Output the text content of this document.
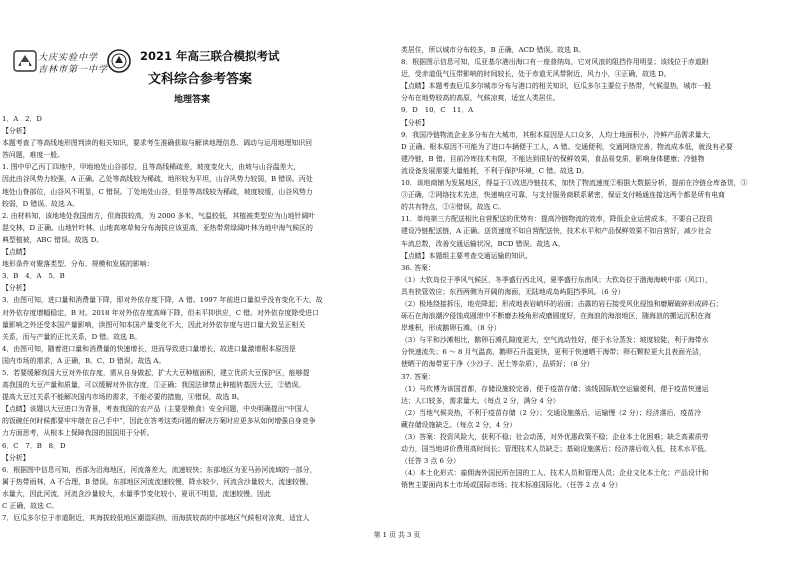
大庆实验中学
吉林市第一中学
2021 年高三联合模拟考试
文科综合参考答案
地理答案
1．A　2．D
【分析】
本题考查了等高线地形图判读的相关知识，要求考生准确获取与解读地理信息、调动与运用地理知识回
答问题，难度一般。
1. 图中甲乙丙丁四地中，甲地地处山谷部位，且等高线稀疏差，坡度变化大，由坡与山谷温差大，
因此由谷风势力较强，A 正确。乙处等高线较为稀疏，地形较为平坦，山谷风势力较弱，B 错误。丙处
地处山脊部位，山谷风不明显，C 错误。丁处地处山谷，但是等高线较为稀疏，坡度较缓，山谷风势力
较弱，D 错误。故选 A。
2. 由材料知，该地地处我国南方，但海拔较高，为 2000 多米，气温较低，其植被类型应为山地针阔叶
混交林，D 正确。山地针叶林、山地高寒草甸分布海拔应该更高，亚热带常绿阔叶林为地中海气候区的
典型植被，ABC 错误。故选 D。
【点睛】
地形条件对聚落类型、分布、规模和发展的影响：
3．B　4．A　5．B
【分析】
3．由图可知，进口量和消费量下降，即对外依存度下降，A 错。1997 年前进口量似乎没有变化不大，故
对外依存度增幅稳定，B 对。2018 年对外依存度高峰下降，但未平抑供应，C 错。对外依存度除受进口
量影响之外还受本国产量影响，读图可知本国产量变化不大，因此对外依存度与进口量大致呈正相关
关系，而与产量的正比关系，D 错。故选 B。
4．由图可知，随着进口量和消费量的快速增长，进而导致进口量增长，故进口量激增根本原因是
国内市场的需求，A 正确，B、C、D 错误。故选 A。
5．若要缓解我国大豆对外依存度，需从自身做起，扩大大豆种植面积，建立优质大豆保护区，能够提
高我国的大豆产量和质量，可以缓解对外依存度，①正确；我国法律禁止种植转基因大豆，②错误。
提高大豆过关系不能解决国内市场的需求，不能必要的措施，④错误，故选 B。
【点睛】该题以大豆进口为背景，考查我国的农产品（主要是粮食）安全问题，中央明确提出“中国人
的饭碗任何时候都要牢牢端在自己手中”，因此在答考这类问题的解决方案时应更多从如何增强自身竞争
力方面思考，从根本上保障我国的国国用于分析。
6．C　7．B　8．D
【分析】
6．根据图中信息可知，西部为沿海地区，河流落差大，流速较快；东部地区为亚马孙河流域的一部分，
属于热带雨林，A 不合理，B 错误。东部地区河流流速较慢，降水较少，河流含沙量较大，流速较慢。
水量大，因此河流，河流含沙量较大，水量季节变化较小，夏讯不明显，流速较慢，因此
C 正确，故选 C。
7．厄瓜多尔位于赤道附近，其海拔较低地区潮湿闷热，而海拔较高的中部地区气候相对凉爽，适宜人
类居住，所以城市分布较多，B 正确，ACD 错误。故选 B。
8．根据图示信息可知，瓜亚基尔港出海口有一座普纳岛，它对风浪的阻挡作用明显；该线位于赤道附
近，受赤道低气压带影响的时间较长，处于赤道无风带附近，风力小，④正确，故选 D。
【点睛】本题考查厄瓜多尔城市分布与港口的相关知识，厄瓜多尔主要位于热带，气候湿热，城市一般
分布在地势较高的高原，气候凉爽，适宜人类居住。
9．D　10．C　11．A
【分析】
9．我国冷链物流企业多分布在大城市，其根本原因是人口众多，人均土地面积小，冷鲜产品需求量大，
D 正确。根本原因不可能为了进口车辆便于工人，A 错。交通便利，交通网络完善，物流成本低，就没有必要
建冷链，B 错。目前冷库技术有限，不能达到很好的保鲜效果，食品易变质，影响身体健康；冷链物
流设备发展需要大量能耗，不利于保护环境，C 错。故选 D。
10．该地商铺为发展地区，得益于①改进冷链技术，加快了物流速度②根据大数据分析，提前在冷链仓库备货，③
③正确，②网络技术先进，快递响应可靠，与支付服务商联系紧密，保证支付畅通连接这两个都是所有电商
的共有特点，②④错误。故选 C。
11．单纯第三方配送相比自营配送的优势有：提高冷链物流的效率，降低企业运营成本，不要自己投资
建设冷链配送链，A 正确。送货速度不如自营配送快，技术水平和产品保鲜效果不如自营好，减少社会
车流总数，改善交通运输状况，BCD 错误。故选 A。
【点睛】本题组主要考查交通运输的知识。
36. 答案：
（1）大钦岛位于季风气候区，冬季盛行西北风，夏季盛行东南风；大钦岛位于渤海海峡中部（风口），
具有狭管效应；东西两侧为开阔的海面，无陆地成岛屿阻挡季风。（6 分）
（2）极地绕接拆压，地壳降起；形成地表岩峭坏的岩面；击露的岩石接受风化侵蚀和磨解破碎形成碎石；
砾石在海浪潮汐侵蚀成圆滚中不断磨去棱角形成磨圆度好，在海浪的海浪地区，随海浪的搬运沉积在海
岸堆积，形成鹅卵石滩。（8 分）
（3）与平和沙滩相比，鹅卵石滩孔隙度更大，空气流动性好，便于水分蒸发；坡度较陡，利于海带水
分快速流失；6 ～ 8 月气温高，鹅卵石升温更快，更利于快速晒干海带；卵石颗粒更大且表面光洁，
使晒干的海带更干净（少沙子、泥土等杂质），品质好；（8 分）
37. 答案：
（1）马坎博为该国首都，存储设施较完善，便于疫苗存储；该线国际航空运输便利，便于疫苗快速运
达；人口较多，需求量大。（每点 2 分，满分 4 分）
（2）当地气候炎热，不利于疫苗存储（2 分）；交通设施落后，运输慢（2 分）；经济落后，疫苗冷
藏存储设施缺乏。（每点 2 分，4 分）
（3）答案：投资风险大，获利不稳；社会动荡，对外优惠政策不稳；企业本土化困难；缺乏高素质劳
动力，国当地讲价费用高时间长；管理技术人员缺乏；基础设施落后；经济落后收入低，技术水平低。
（任答 3 点 6 分）
（4）本土化形式：雇佣海外国民所在国的工人、技术人员和管理人员；企业文化本土化；产品设计和
销售主要面向本土市场或国际市场；技术标准国际化。（任答 2 点 4 分）
第 1 页 共 3 页
